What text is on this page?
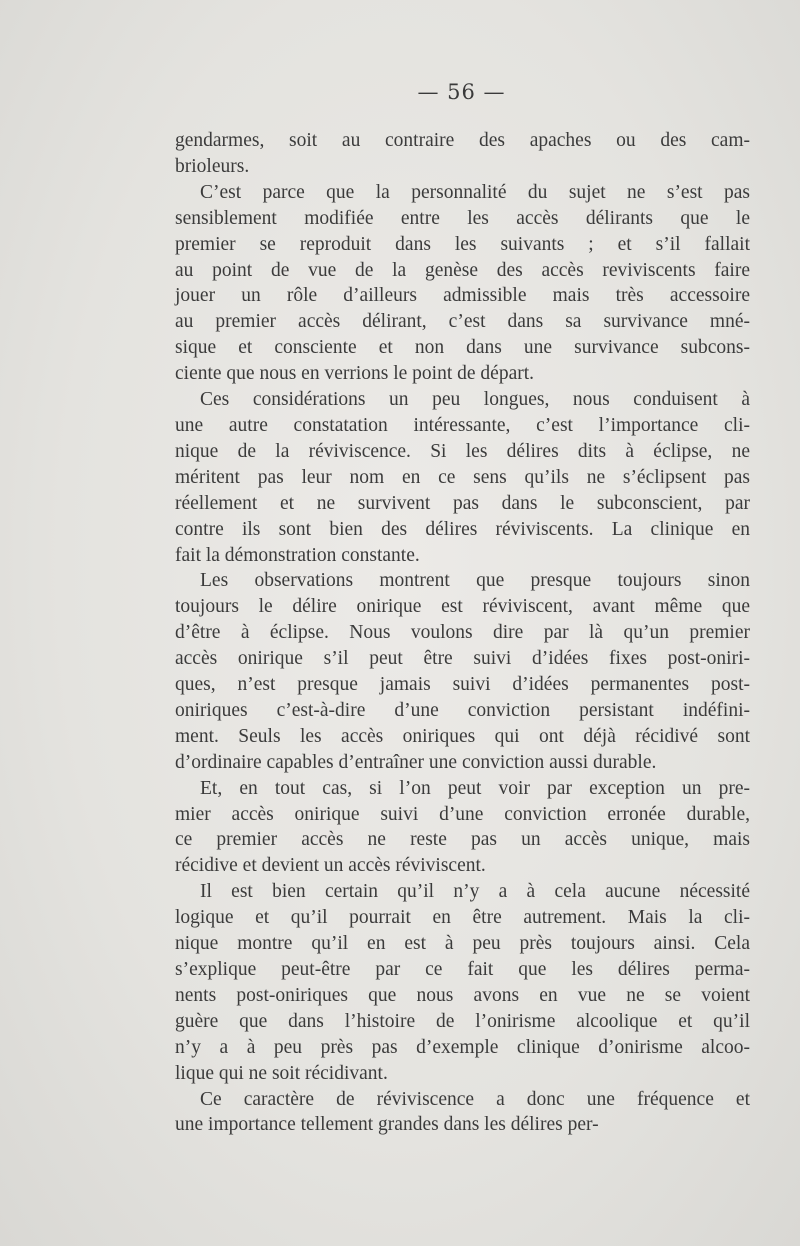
— 56 —

gendarmes, soit au contraire des apaches ou des cam-
brioleurs.

C’est parce que la personnalité du sujet ne s’est pas
sensiblement modifiée entre les accès délirants que le
premier se reproduit dans les suivants ; et s’il fallait
au point de vue de la genèse des accès reviviscents faire
jouer un rôle d’ailleurs admissible mais très accessoire
au premier accès délirant, c’est dans sa survivance mné-
sique et consciente et non dans une survivance subcons-
ciente que nous en verrions le point de départ.

Ces considérations un peu longues, nous conduisent à
une autre constatation intéressante, c’est l’importance cli-
nique de la réviviscence. Si les délires dits à éclipse, ne
méritent pas leur nom en ce sens qu’ils ne s’éclipsent pas
réellement et ne survivent pas dans le subconscient, par
contre ils sont bien des délires réviviscents. La clinique en
fait la démonstration constante.

Les observations montrent que presque toujours sinon
toujours le délire onirique est réviviscent, avant même que
d’être à éclipse. Nous voulons dire par là qu’un premier
accès onirique s’il peut être suivi d’idées fixes post-oniri-
ques, n’est presque jamais suivi d’idées permanentes post-
oniriques c’est-à-dire d’une conviction persistant indéfini-
ment. Seuls les accès oniriques qui ont déjà récidivé sont
d’ordinaire capables d’entraîner une conviction aussi durable.

Et, en tout cas, si l’on peut voir par exception un pre-
mier accès onirique suivi d’une conviction erronée durable,
ce premier accès ne reste pas un accès unique, mais
récidive et devient un accès réviviscent.

Il est bien certain qu’il n’y a à cela aucune nécessité
logique et qu’il pourrait en être autrement. Mais la cli-
nique montre qu’il en est à peu près toujours ainsi. Cela
s’explique peut-être par ce fait que les délires perma-
nents post-oniriques que nous avons en vue ne se voient
guère que dans l’histoire de l’onirisme alcoolique et qu’il
n’y a à peu près pas d’exemple clinique d’onirisme alcoo-
lique qui ne soit récidivant.

Ce caractère de réviviscence a donc une fréquence et
une importance tellement grandes dans les délires per-
